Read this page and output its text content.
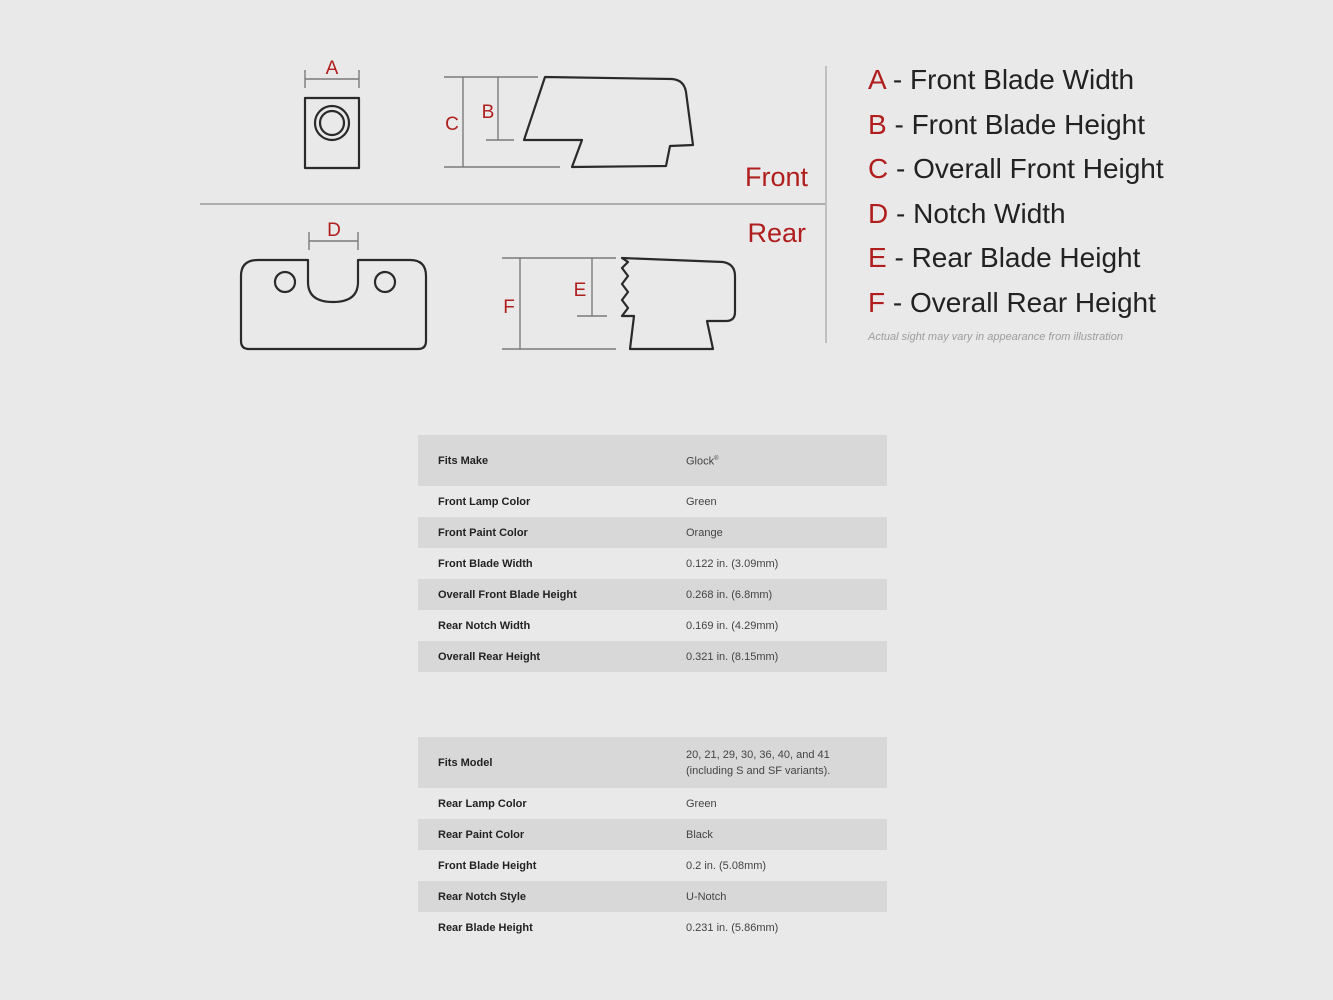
A
C
B
Front
D	Rear
F
E
A - Front Blade Width
B - Front Blade Height
C - Overall Front Height
D - Notch Width
E - Rear Blade Height
F - Overall Rear Height
Actual sight may vary in appearance from illustration
Fits Make	Glock®
Front Lamp Color	Green
Front Paint Color	Orange
Front Blade Width	0.122 in. (3.09mm)
Overall Front Blade Height	0.268 in. (6.8mm)
Rear Notch Width	0.169 in. (4.29mm)
Overall Rear Height	0.321 in. (8.15mm)
Fits Model	20, 21, 29, 30, 36, 40, and 41 (including S and SF variants).
Rear Lamp Color	Green
Rear Paint Color	Black
Front Blade Height	0.2 in. (5.08mm)
Rear Notch Style	U-Notch
Rear Blade Height	0.231 in. (5.86mm)
